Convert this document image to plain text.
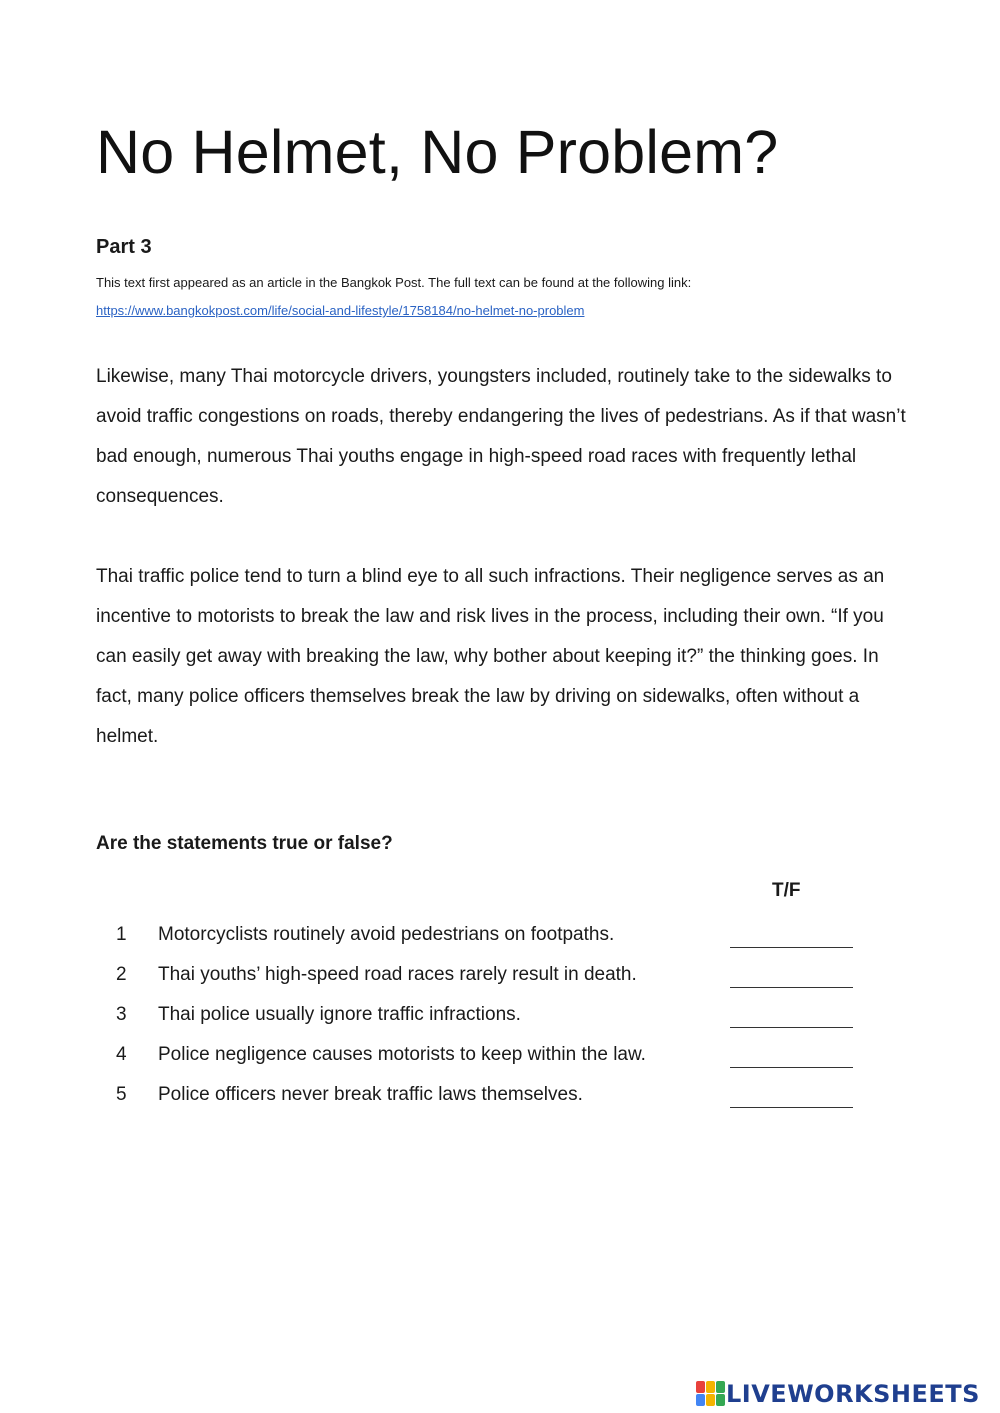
No Helmet, No Problem?
Part 3
This text first appeared as an article in the Bangkok Post. The full text can be found at the following link:
https://www.bangkokpost.com/life/social-and-lifestyle/1758184/no-helmet-no-problem

Likewise, many Thai motorcycle drivers, youngsters included, routinely take to the sidewalks to avoid traffic congestions on roads, thereby endangering the lives of pedestrians. As if that wasn’t bad enough, numerous Thai youths engage in high-speed road races with frequently lethal consequences.

Thai traffic police tend to turn a blind eye to all such infractions. Their negligence serves as an incentive to motorists to break the law and risk lives in the process, including their own. “If you can easily get away with breaking the law, why bother about keeping it?” the thinking goes. In fact, many police officers themselves break the law by driving on sidewalks, often without a helmet.

Are the statements true or false?
T/F
1 Motorcyclists routinely avoid pedestrians on footpaths.
2 Thai youths’ high-speed road races rarely result in death.
3 Thai police usually ignore traffic infractions.
4 Police negligence causes motorists to keep within the law.
5 Police officers never break traffic laws themselves.
LIVEWORKSHEETS
